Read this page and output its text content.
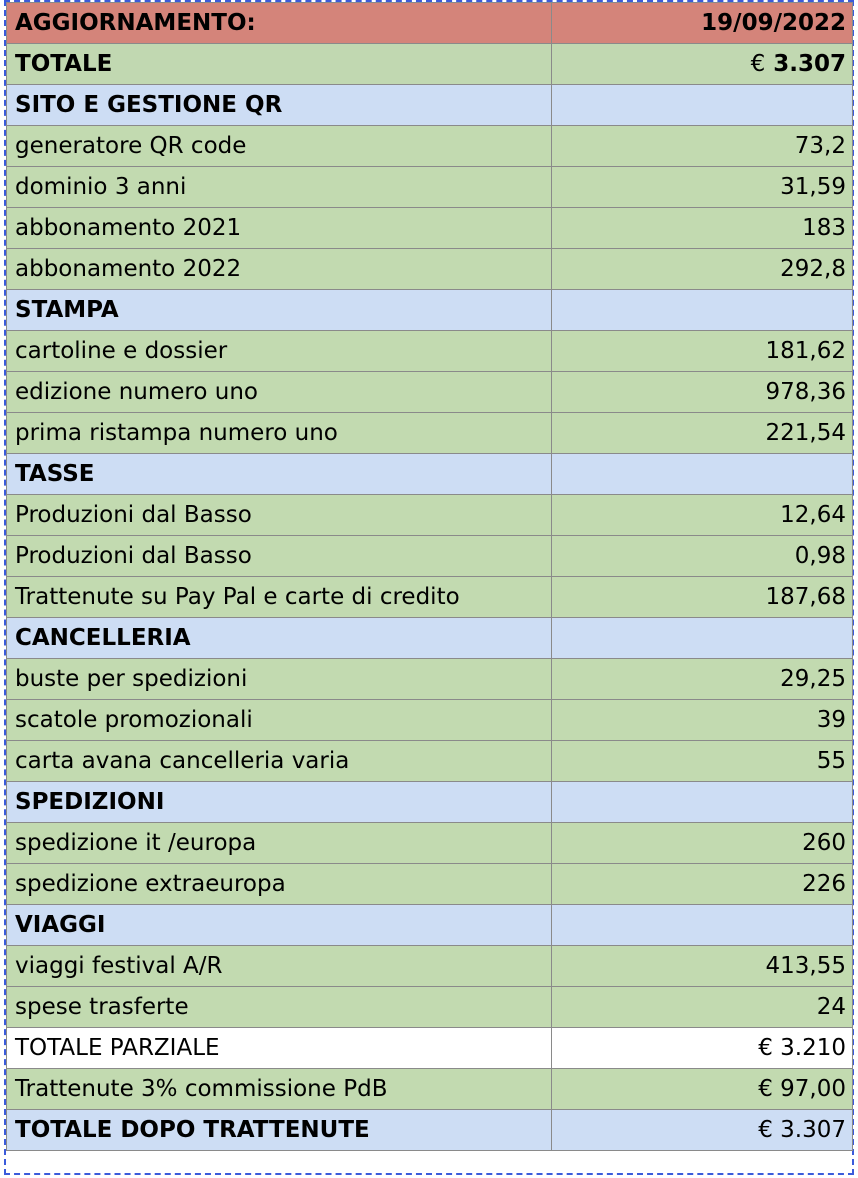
AGGIORNAMENTO:	19/09/2022
TOTALE	€ 3.307
SITO E GESTIONE QR	
generatore QR code	73,2
dominio 3 anni	31,59
abbonamento 2021	183
abbonamento 2022	292,8
STAMPA	
cartoline e dossier	181,62
edizione numero uno	978,36
prima ristampa numero uno	221,54
TASSE	
Produzioni dal Basso	12,64
Produzioni dal Basso	0,98
Trattenute su Pay Pal e carte di credito	187,68
CANCELLERIA	
buste per spedizioni	29,25
scatole promozionali	39
carta avana cancelleria varia	55
SPEDIZIONI	
spedizione it /europa	260
spedizione extraeuropa	226
VIAGGI	
viaggi festival A/R	413,55
spese trasferte	24
TOTALE PARZIALE	€ 3.210
Trattenute 3% commissione PdB	€ 97,00
TOTALE DOPO TRATTENUTE	€ 3.307
